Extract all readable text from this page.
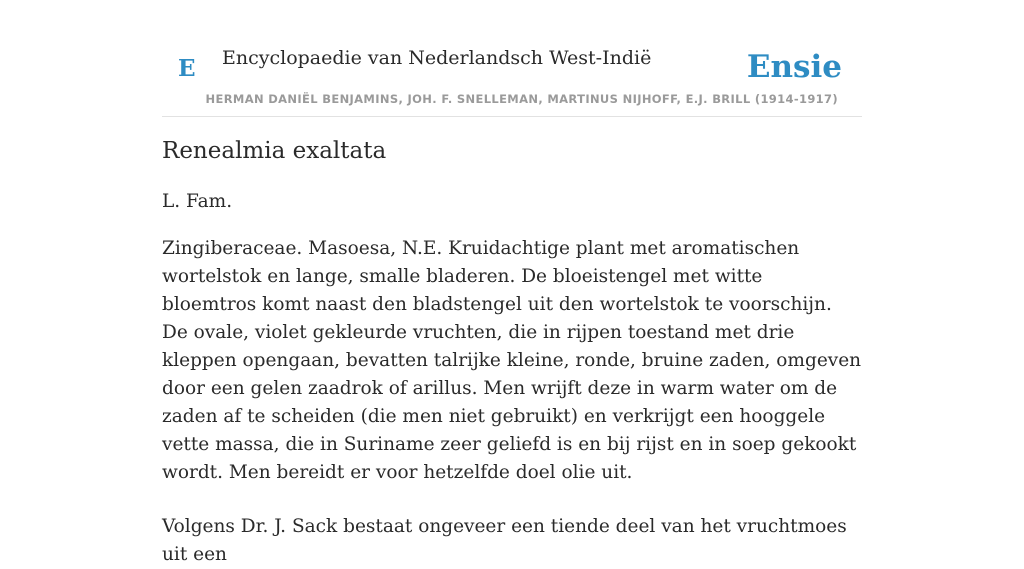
E Encyclopaedie van Nederlandsch West-Indië	Ensie
HERMAN DANIËL BENJAMINS, JOH. F. SNELLEMAN, MARTINUS NIJHOFF, E.J. BRILL (1914-1917)
Renealmia exaltata

L. Fam.

Zingiberaceae. Masoesa, N.E. Kruidachtige plant met aromatischen wortelstok en lange, smalle bladeren. De bloeistengel met witte bloemtros komt naast den bladstengel uit den wortelstok te voorschijn. De ovale, violet gekleurde vruchten, die in rijpen toestand met drie kleppen opengaan, bevatten talrijke kleine, ronde, bruine zaden, omgeven door een gelen zaadrok of arillus. Men wrijft deze in warm water om de zaden af te scheiden (die men niet gebruikt) en verkrijgt een hooggele vette massa, die in Suriname zeer geliefd is en bij rijst en in soep gekookt wordt. Men bereidt er voor hetzelfde doel olie uit.

Volgens Dr. J. Sack bestaat ongeveer een tiende deel van het vruchtmoes uit een
